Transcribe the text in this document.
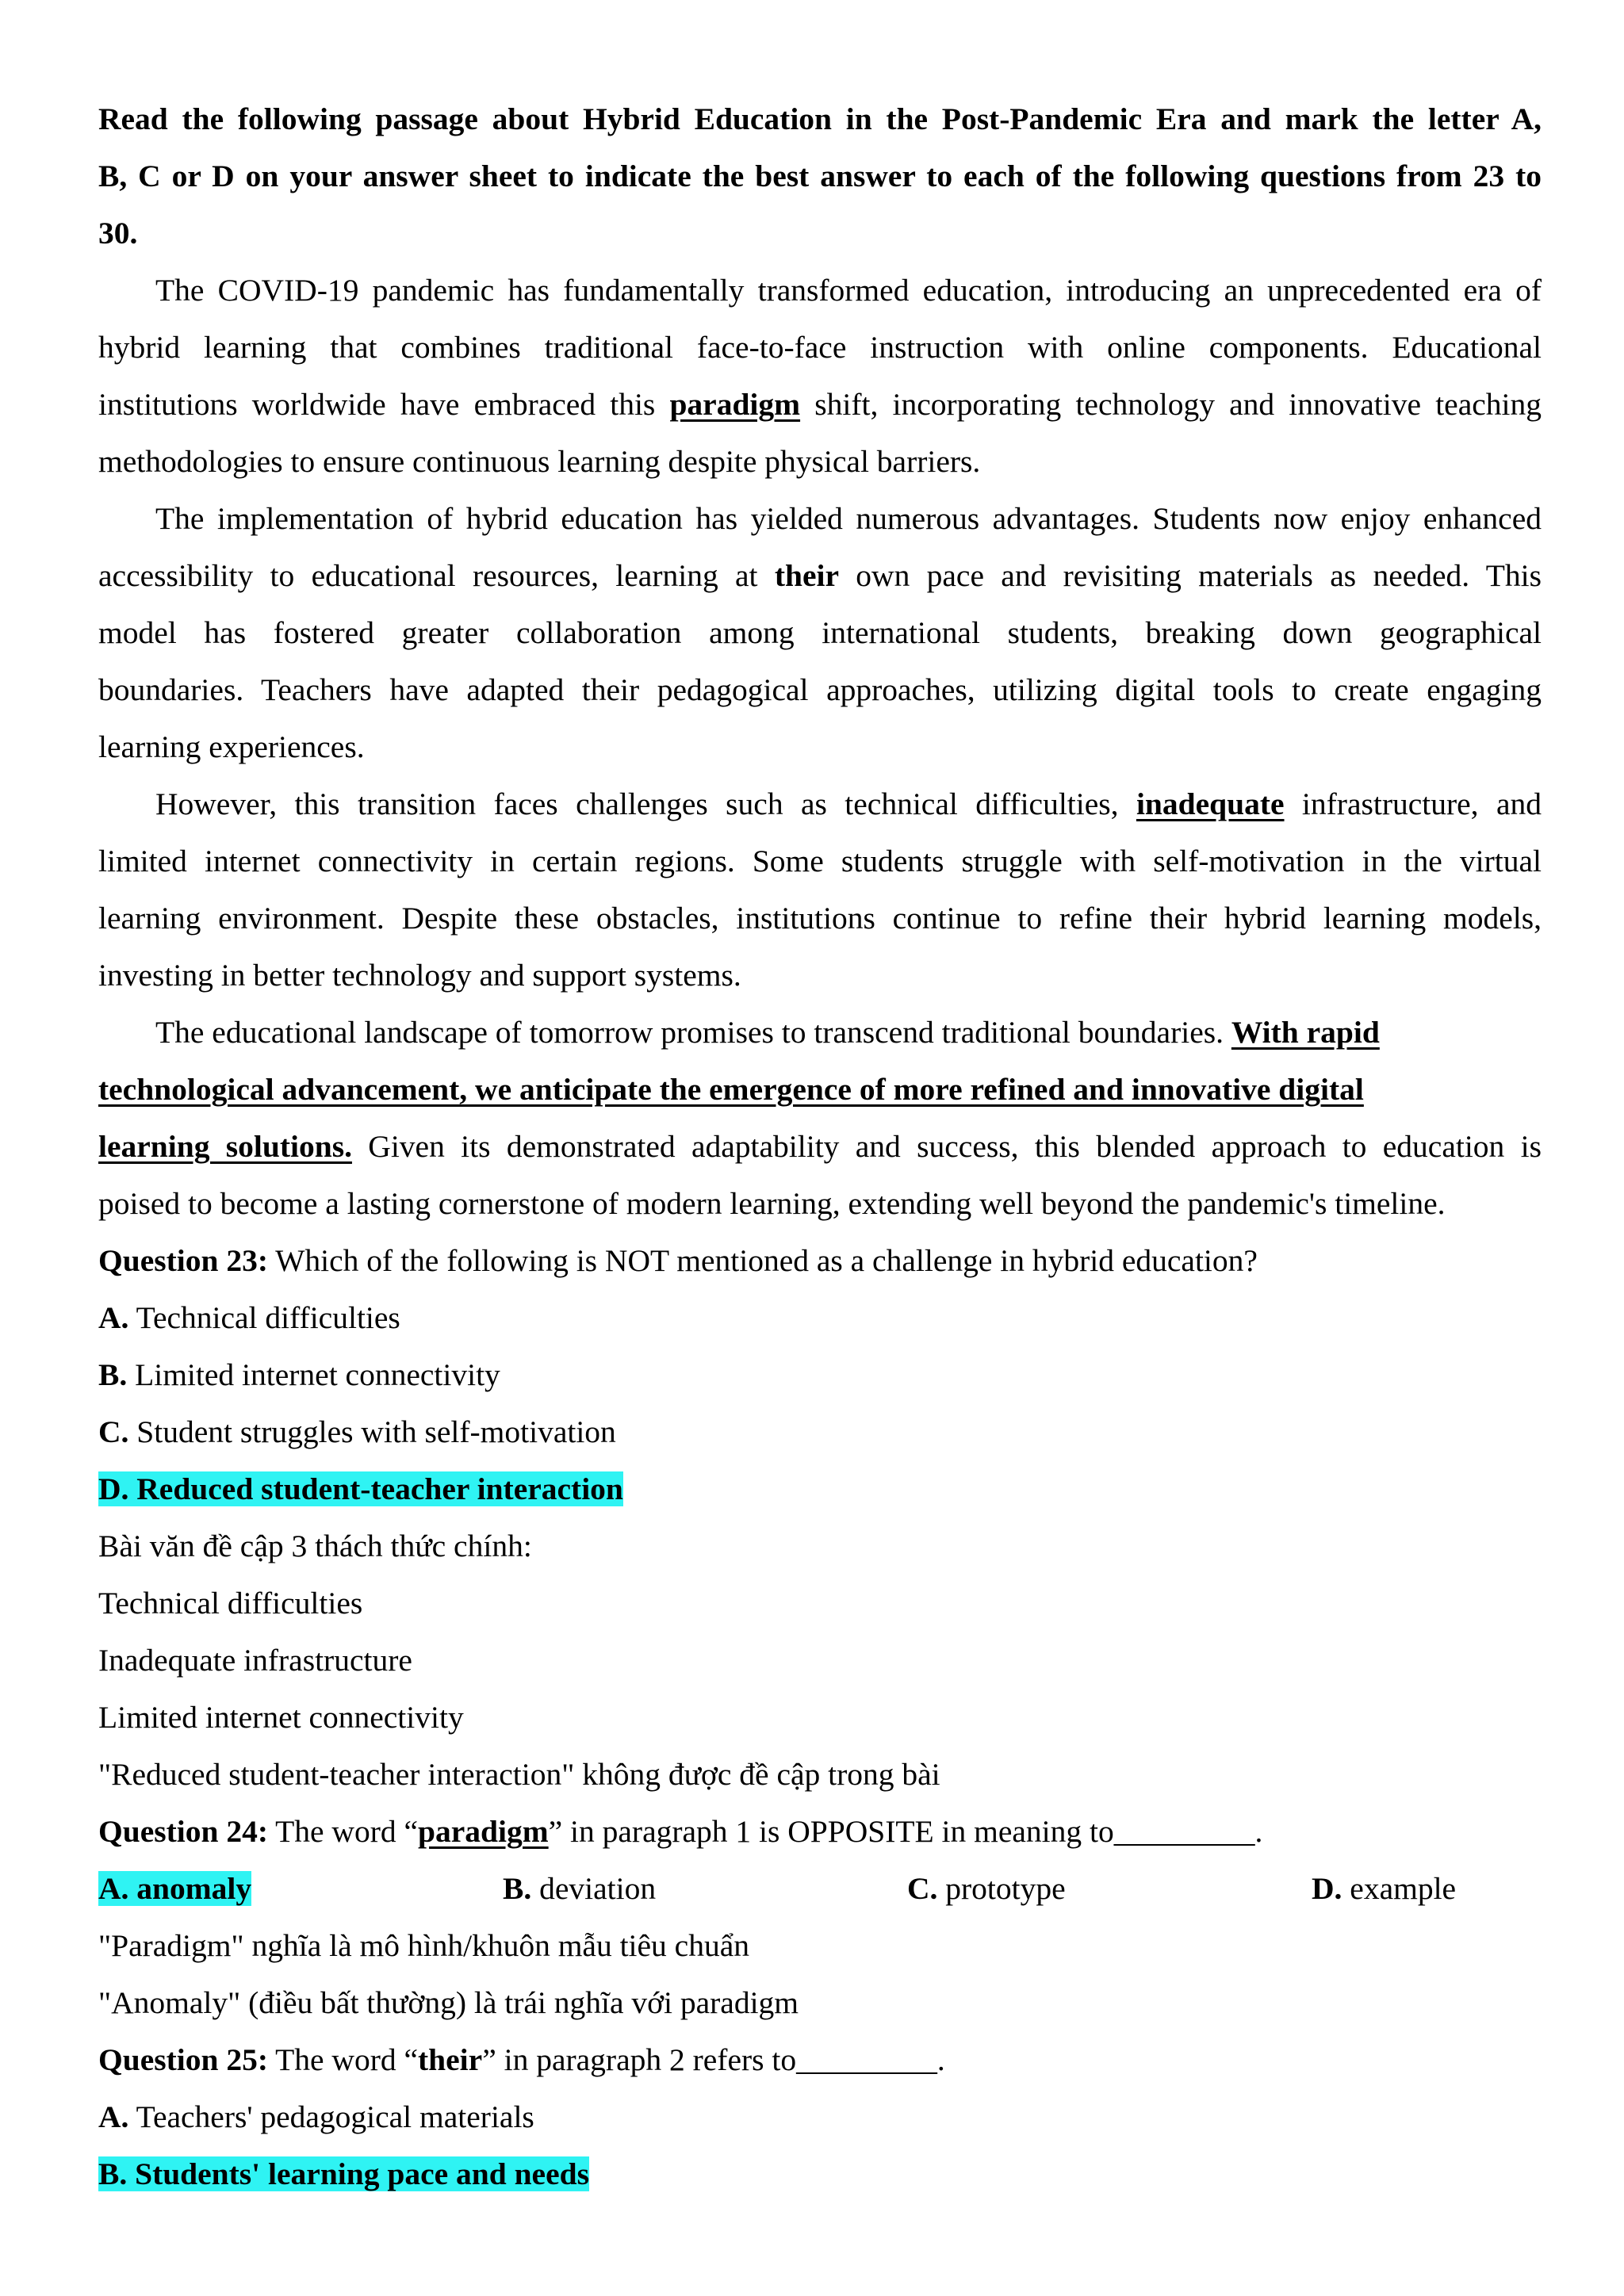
Read the following passage about Hybrid Education in the Post-Pandemic Era and mark the letter A,
B, C or D on your answer sheet to indicate the best answer to each of the following questions from 23 to
30.
The COVID-19 pandemic has fundamentally transformed education, introducing an unprecedented era of
hybrid learning that combines traditional face-to-face instruction with online components. Educational
institutions worldwide have embraced this paradigm shift, incorporating technology and innovative teaching
methodologies to ensure continuous learning despite physical barriers.
The implementation of hybrid education has yielded numerous advantages. Students now enjoy enhanced
accessibility to educational resources, learning at their own pace and revisiting materials as needed. This
model has fostered greater collaboration among international students, breaking down geographical
boundaries. Teachers have adapted their pedagogical approaches, utilizing digital tools to create engaging
learning experiences.
However, this transition faces challenges such as technical difficulties, inadequate infrastructure, and
limited internet connectivity in certain regions. Some students struggle with self-motivation in the virtual
learning environment. Despite these obstacles, institutions continue to refine their hybrid learning models,
investing in better technology and support systems.
The educational landscape of tomorrow promises to transcend traditional boundaries. With rapid
technological advancement, we anticipate the emergence of more refined and innovative digital
learning solutions. Given its demonstrated adaptability and success, this blended approach to education is
poised to become a lasting cornerstone of modern learning, extending well beyond the pandemic's timeline.
Question 23: Which of the following is NOT mentioned as a challenge in hybrid education?
A. Technical difficulties
B. Limited internet connectivity
C. Student struggles with self-motivation
D. Reduced student-teacher interaction
Bài văn đề cập 3 thách thức chính:
Technical difficulties
Inadequate infrastructure
Limited internet connectivity
"Reduced student-teacher interaction" không được đề cập trong bài
Question 24: The word “paradigm” in paragraph 1 is OPPOSITE in meaning to_________.
A. anomaly	B. deviation	C. prototype	D. example
"Paradigm" nghĩa là mô hình/khuôn mẫu tiêu chuẩn
"Anomaly" (điều bất thường) là trái nghĩa với paradigm
Question 25: The word “their” in paragraph 2 refers to_________.
A. Teachers' pedagogical materials
B. Students' learning pace and needs
